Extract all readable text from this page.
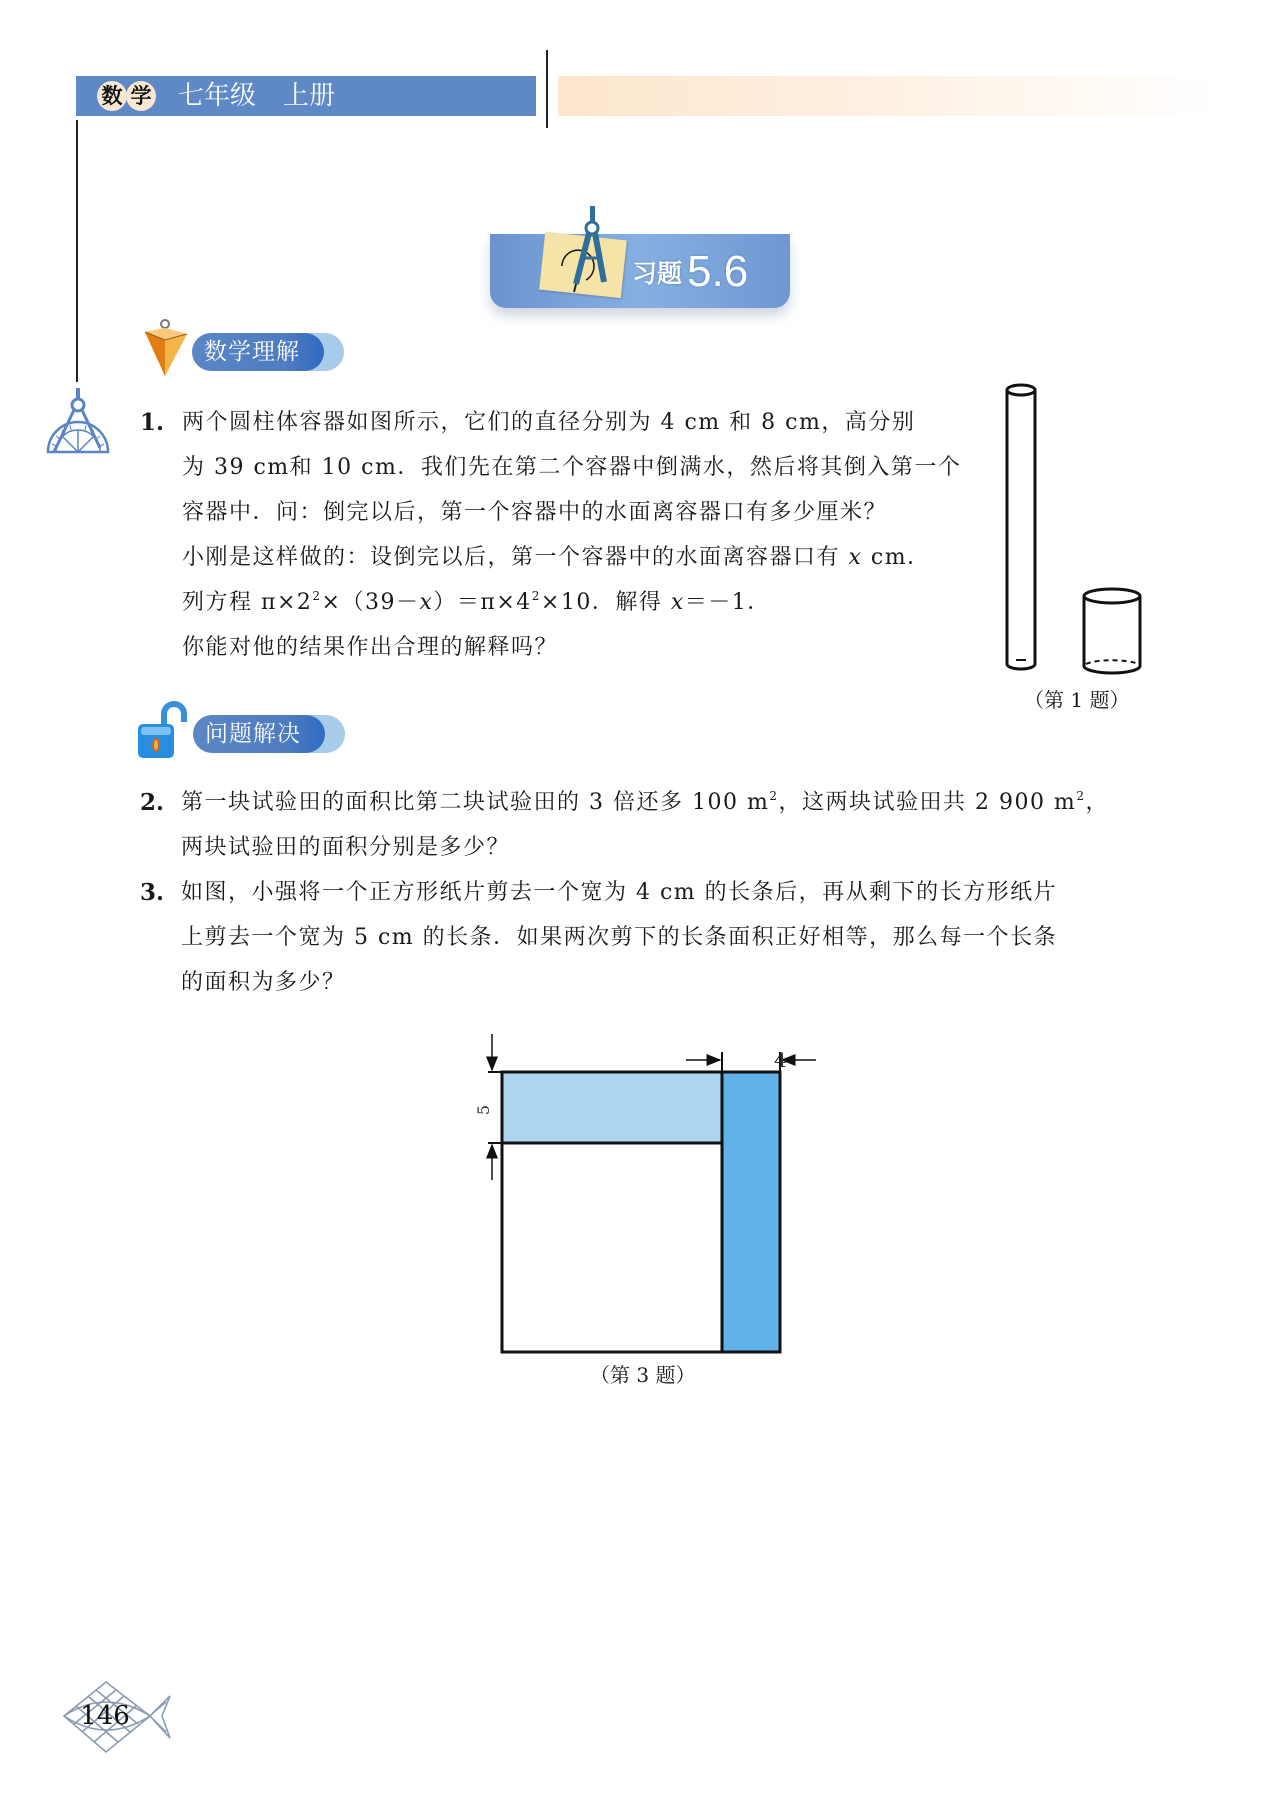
数 学 七年级 上册
习题 5.6
数学理解
1. 两个圆柱体容器如图所示，它们的直径分别为 4 cm 和 8 cm，高分别
为 39 cm和 10 cm．我们先在第二个容器中倒满水，然后将其倒入第一个
容器中．问：倒完以后，第一个容器中的水面离容器口有多少厘米？
小刚是这样做的：设倒完以后，第一个容器中的水面离容器口有 x cm．
列方程 $\pi\times 2^2\times(39-x)=\pi\times 4^2\times 10$．解得 x＝－1．
你能对他的结果作出合理的解释吗？
（第 1 题）
问题解决
2. 第一块试验田的面积比第二块试验田的 3 倍还多 100 $m^2$，这两块试验田共 2 900 $m^2$，
两块试验田的面积分别是多少？
3. 如图，小强将一个正方形纸片剪去一个宽为 4 cm 的长条后，再从剩下的长方形纸片
上剪去一个宽为 5 cm 的长条．如果两次剪下的长条面积正好相等，那么每一个长条
的面积为多少？
4
5
（第 3 题）
146
